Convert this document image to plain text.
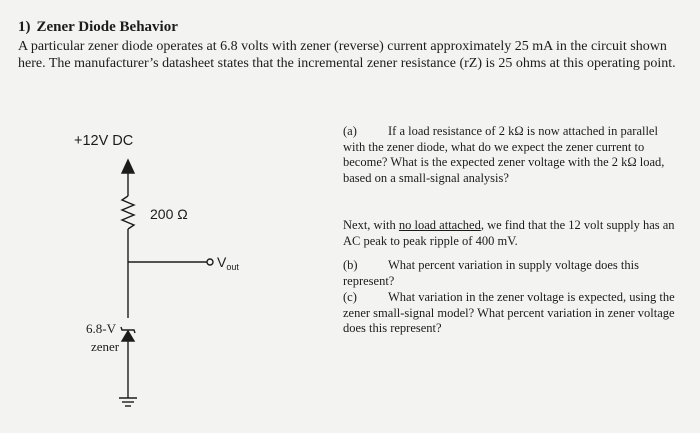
1) Zener Diode Behavior
A particular zener diode operates at 6.8 volts with zener (reverse) current approximately 25 mA in the circuit shown here. The manufacturer’s datasheet states that the incremental zener resistance (rZ) is 25 ohms at this operating point.
+12V DC
200 Ω
$V_{out}$
6.8-V
zener
(a) If a load resistance of 2 kΩ is now attached in parallel with the zener diode, what do we expect the zener current to become? What is the expected zener voltage with the 2 kΩ load, based on a small-signal analysis?
Next, with no load attached, we find that the 12 volt supply has an AC peak to peak ripple of 400 mV.
(b) What percent variation in supply voltage does this represent?
(c) What variation in the zener voltage is expected, using the zener small-signal model? What percent variation in zener voltage does this represent?
